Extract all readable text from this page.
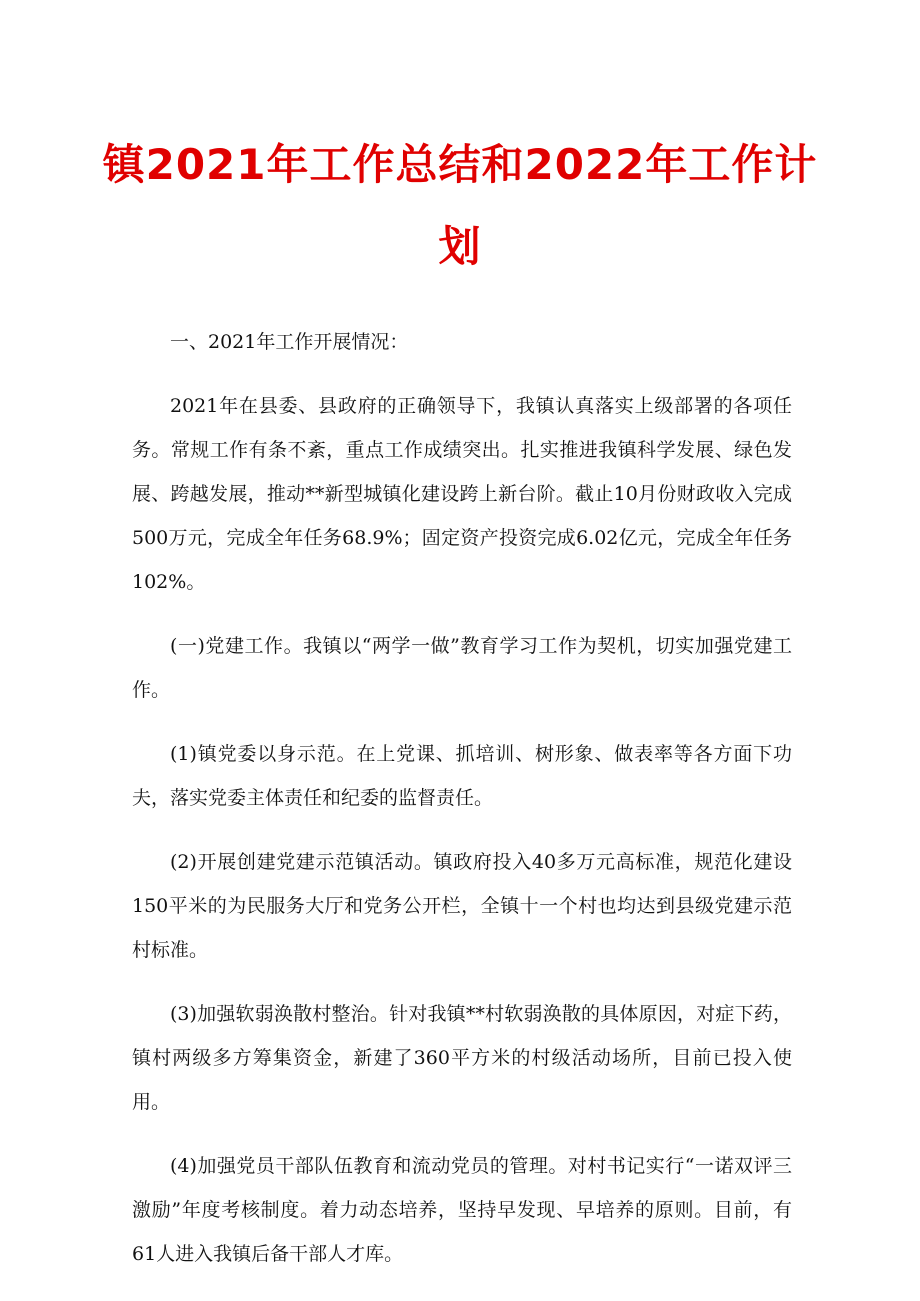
镇2021年工作总结和2022年工作计
划

一、2021年工作开展情况：

2021年在县委、县政府的正确领导下，我镇认真落实上级部署的各项任务。常规工作有条不紊，重点工作成绩突出。扎实推进我镇科学发展、绿色发展、跨越发展，推动**新型城镇化建设跨上新台阶。截止10月份财政收入完成500万元，完成全年任务68.9%；固定资产投资完成6.02亿元，完成全年任务102%。

(一)党建工作。我镇以“两学一做”教育学习工作为契机，切实加强党建工作。

(1)镇党委以身示范。在上党课、抓培训、树形象、做表率等各方面下功夫，落实党委主体责任和纪委的监督责任。

(2)开展创建党建示范镇活动。镇政府投入40多万元高标准，规范化建设150平米的为民服务大厅和党务公开栏，全镇十一个村也均达到县级党建示范村标准。

(3)加强软弱涣散村整治。针对我镇**村软弱涣散的具体原因，对症下药，镇村两级多方筹集资金，新建了360平方米的村级活动场所，目前已投入使用。

(4)加强党员干部队伍教育和流动党员的管理。对村书记实行“一诺双评三激励”年度考核制度。着力动态培养，坚持早发现、早培养的原则。目前，有61人进入我镇后备干部人才库。
